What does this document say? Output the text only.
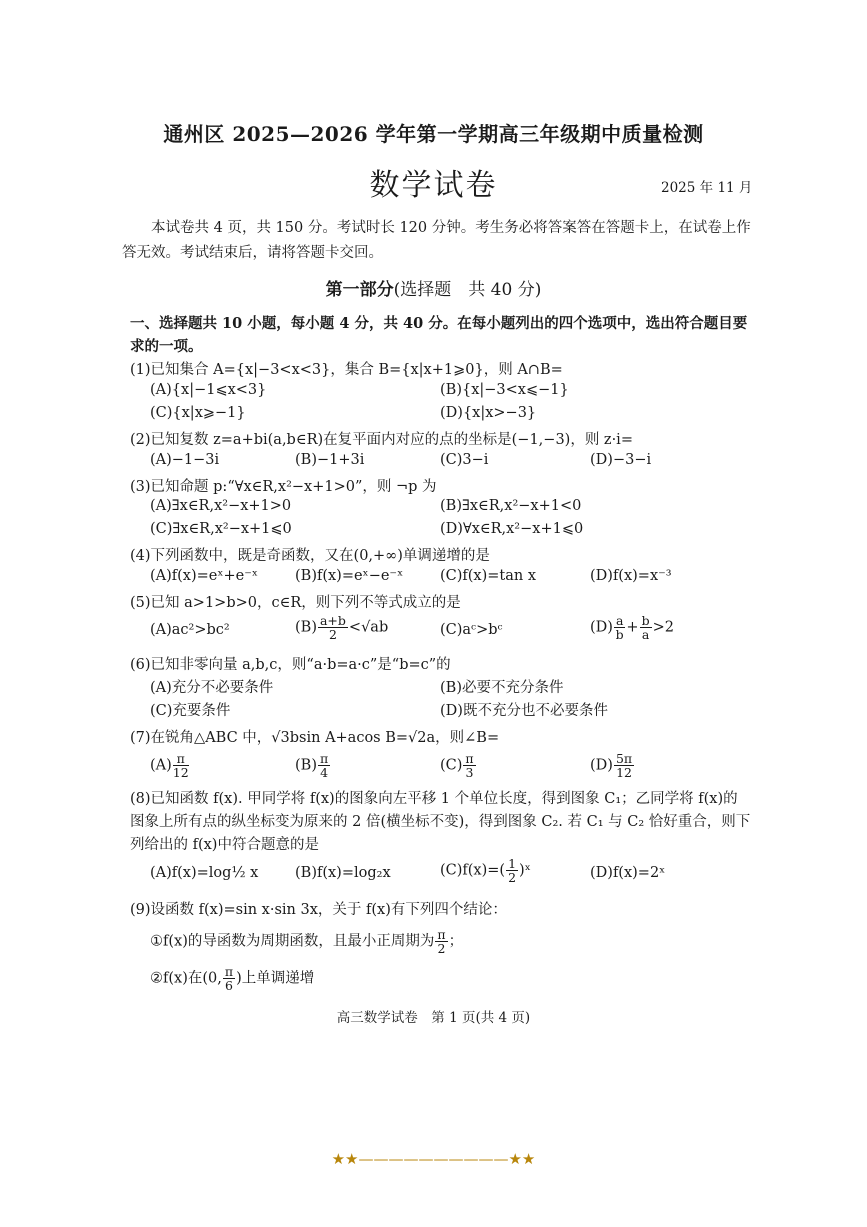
通州区 2025—2026 学年第一学期高三年级期中质量检测
数学试卷	2025 年 11 月
本试卷共 4 页，共 150 分。考试时长 120 分钟。考生务必将答案答在答题卡上，在试卷上作答无效。考试结束后，请将答题卡交回。
第一部分(选择题　共 40 分)
一、选择题共 10 小题，每小题 4 分，共 40 分。在每小题列出的四个选项中，选出符合题目要求的一项。
(1)已知集合 A={x|−3<x<3}，集合 B={x|x+1⩾0}，则 A∩B=
(A){x|−1⩽x<3}	(B){x|−3<x⩽−1}
(C){x|x⩾−1}	(D){x|x>−3}
(2)已知复数 z=a+bi(a,b∈R)在复平面内对应的点的坐标是(−1,−3)，则 z·i=
(A)−1−3i	(B)−1+3i	(C)3−i	(D)−3−i
(3)已知命题 p:“∀x∈R,x²−x+1>0”，则 ¬p 为
(A)∃x∈R,x²−x+1>0	(B)∃x∈R,x²−x+1<0
(C)∃x∈R,x²−x+1⩽0	(D)∀x∈R,x²−x+1⩽0
(4)下列函数中，既是奇函数，又在(0,+∞)单调递增的是
(A)f(x)=eˣ+e⁻ˣ	(B)f(x)=eˣ−e⁻ˣ	(C)f(x)=tan x	(D)f(x)=x⁻³
(5)已知 a>1>b>0，c∈R，则下列不等式成立的是
(A)ac²>bc²	$(B) \frac{a+b}{2} <√ab$	(C)aᶜ>bᶜ	$(D) \frac{a}{b} + \frac{b}{a} >2$
(6)已知非零向量 a,b,c，则“a·b=a·c”是“b=c”的
(A)充分不必要条件	(B)必要不充分条件
(C)充要条件	(D)既不充分也不必要条件
(7)在锐角△ABC 中，√3bsin A+acos B=√2a，则∠B=
$(A) \frac{\pi}{12}$	$(B) \frac{\pi}{4}$	$(C) \frac{\pi}{3}$	$(D) \frac{5\pi}{12}$
(8)已知函数 f(x). 甲同学将 f(x)的图象向左平移 1 个单位长度，得到图象 C₁；乙同学将 f(x)的图象上所有点的纵坐标变为原来的 2 倍(横坐标不变)，得到图象 C₂. 若 C₁ 与 C₂ 恰好重合，则下列给出的 f(x)中符合题意的是
(A)f(x)=log½ x	(B)f(x)=log₂x	$(C)f(x)=( \frac{1}{2}$ )ˣ	(D)f(x)=2ˣ
(9)设函数 f(x)=sin x·sin 3x，关于 f(x)有下列四个结论：
①f(x)的导函数为周期函数，且最小正周期为 $\frac{\pi}{2}$ ；
②f(x)在(0, $\frac{\pi}{6}$ )上单调递增
高三数学试卷　第 1 页(共 4 页)
★★——————————★★
